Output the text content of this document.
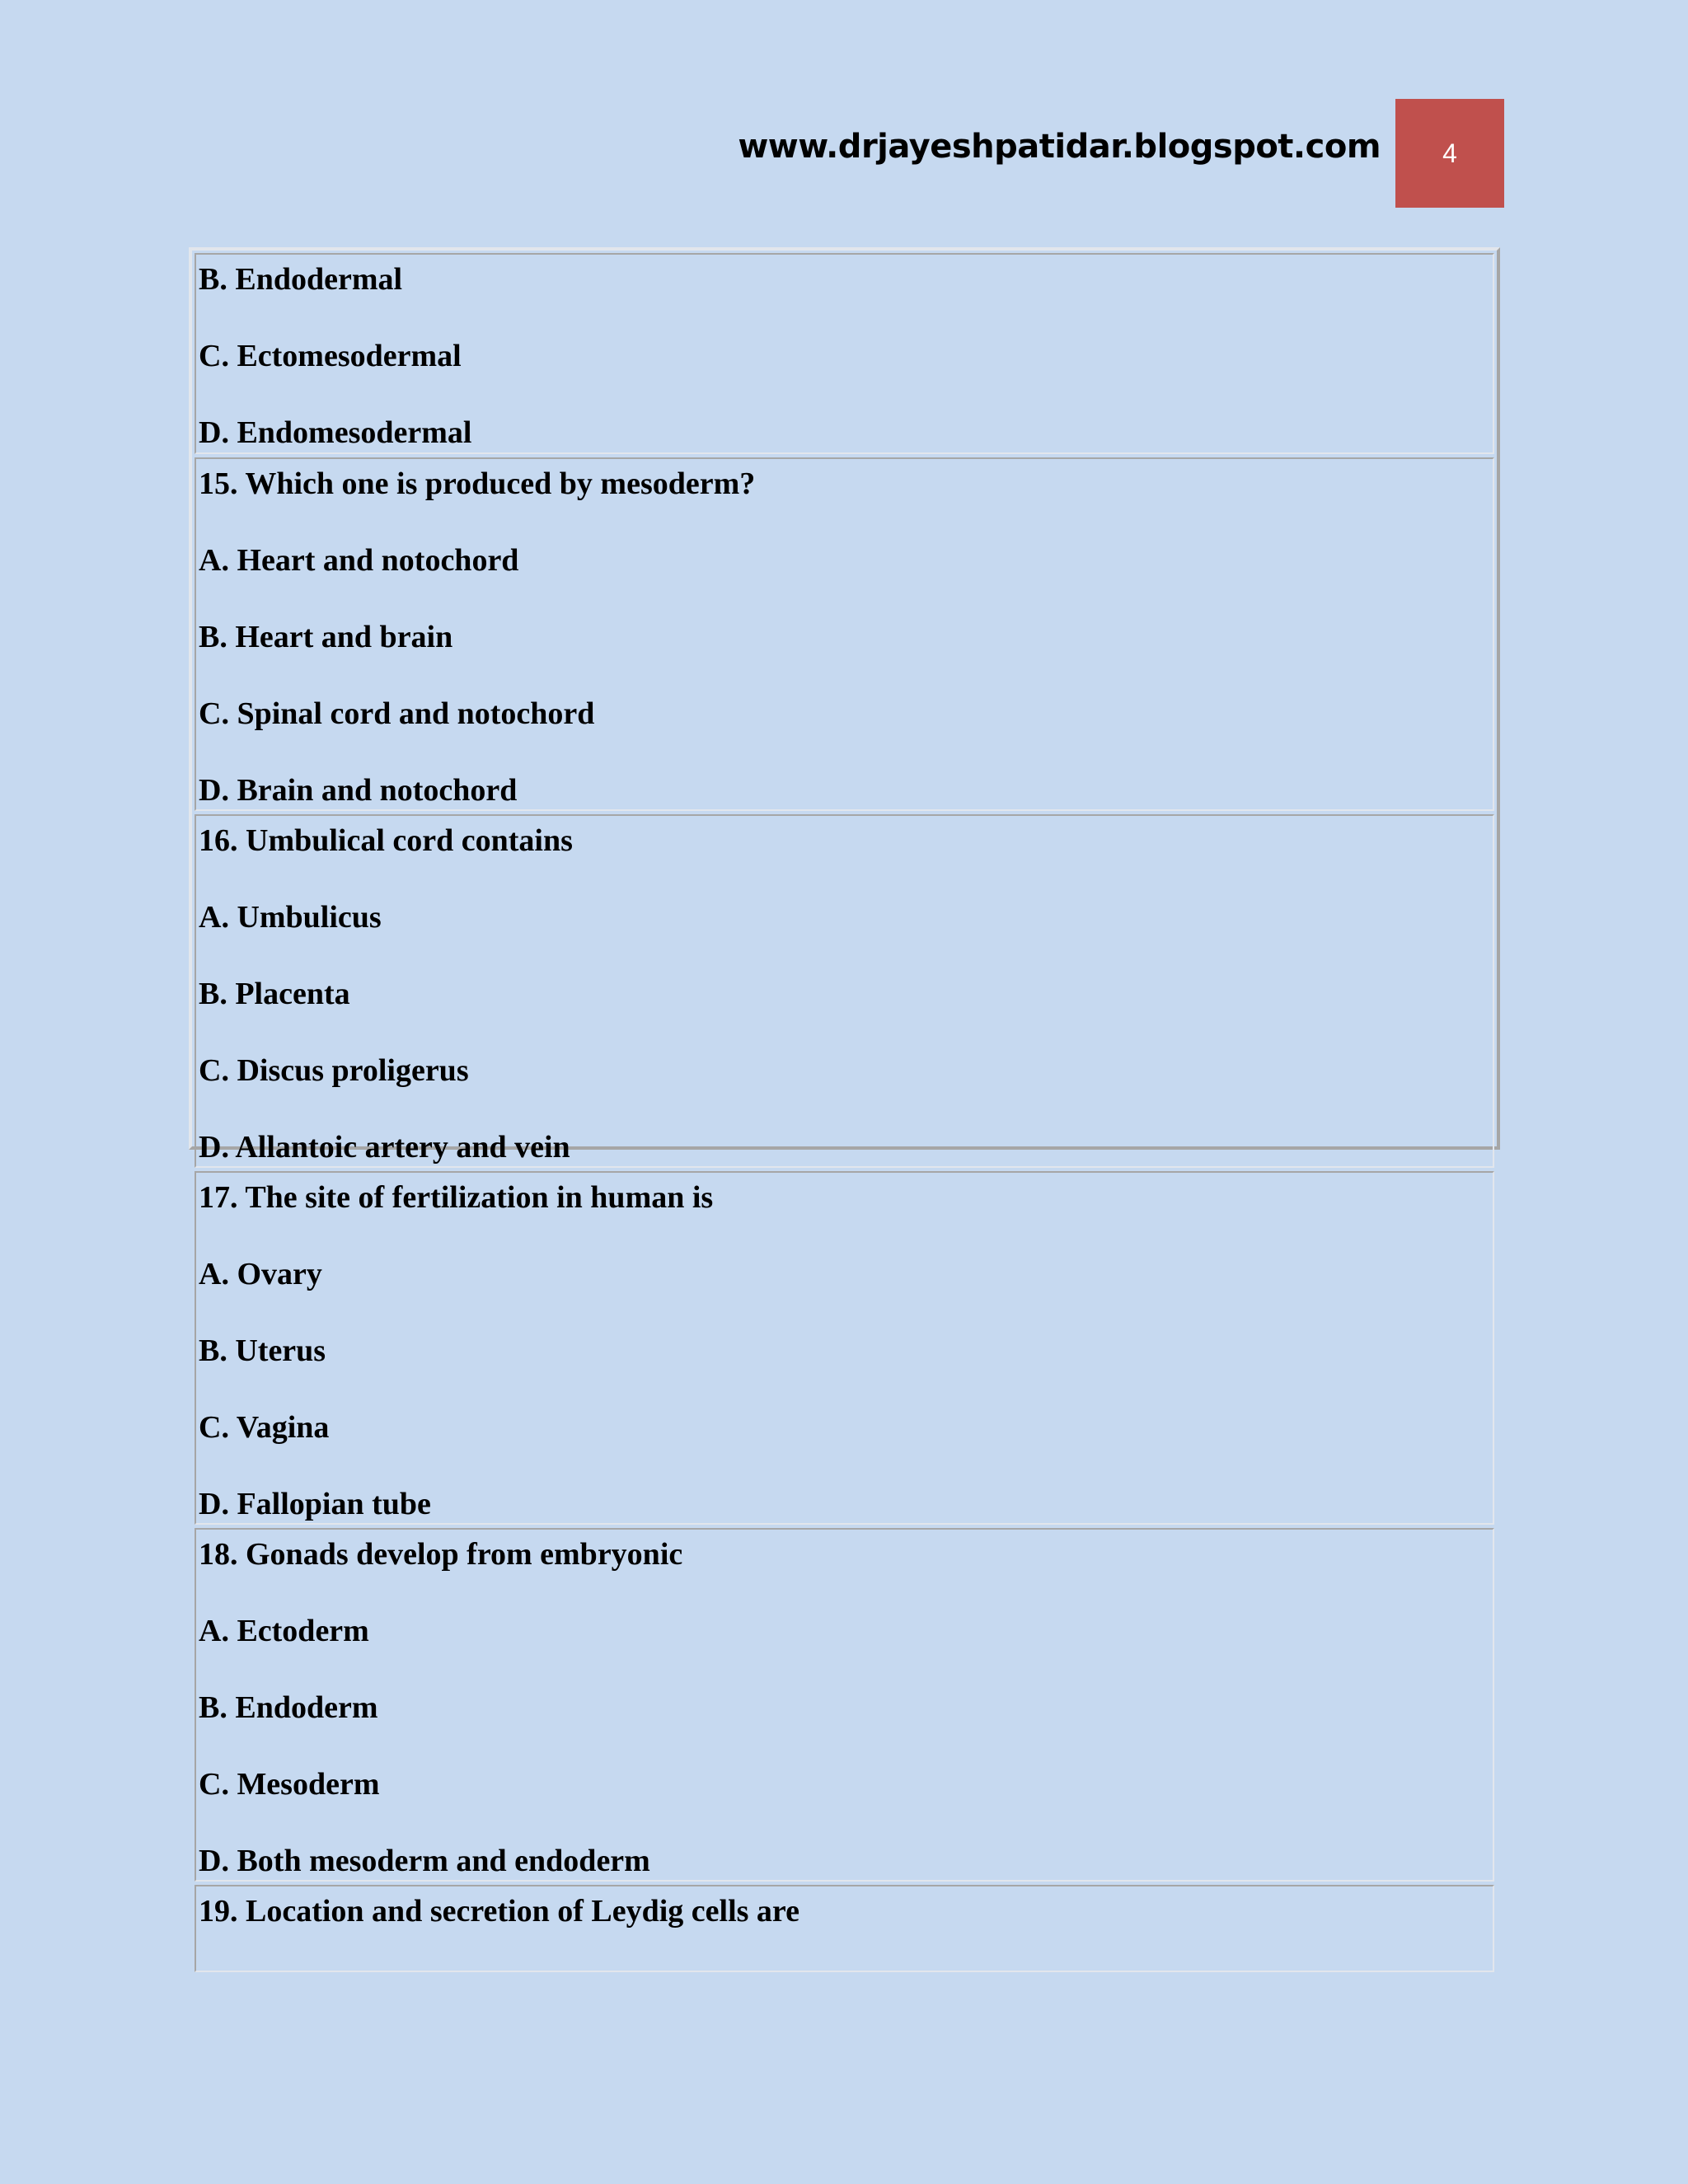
www.drjayeshpatidar.blogspot.com	4
B. Endodermal
C. Ectomesodermal
D. Endomesodermal
15. Which one is produced by mesoderm?
A. Heart and notochord
B. Heart and brain
C. Spinal cord and notochord
D. Brain and notochord
16. Umbulical cord contains
A. Umbulicus
B. Placenta
C. Discus proligerus
D. Allantoic artery and vein
17. The site of fertilization in human is
A. Ovary
B. Uterus
C. Vagina
D. Fallopian tube
18. Gonads develop from embryonic
A. Ectoderm
B. Endoderm
C. Mesoderm
D. Both mesoderm and endoderm
19. Location and secretion of Leydig cells are
